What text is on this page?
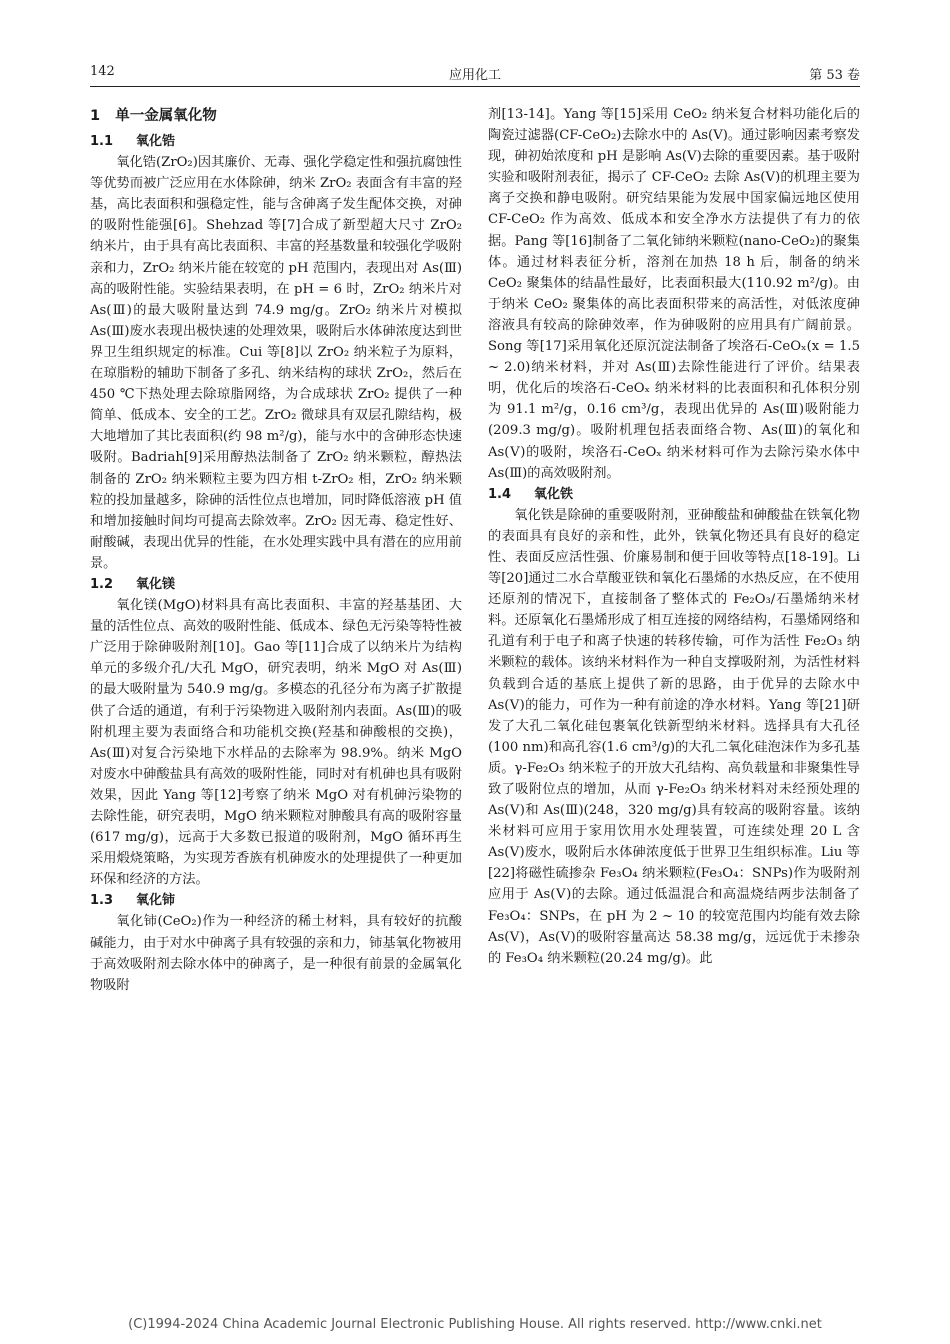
142	应用化工	第 53 卷
1 单一金属氧化物
1.1 氧化锆

氧化锆(ZrO₂)因其廉价、无毒、强化学稳定性和强抗腐蚀性等优势而被广泛应用在水体除砷，纳米 ZrO₂ 表面含有丰富的羟基，高比表面积和强稳定性，能与含砷离子发生配体交换，对砷的吸附性能强[6]。Shehzad 等[7]合成了新型超大尺寸 ZrO₂ 纳米片，由于具有高比表面积、丰富的羟基数量和较强化学吸附亲和力，ZrO₂ 纳米片能在较宽的 pH 范围内，表现出对 As(Ⅲ)高的吸附性能。实验结果表明，在 pH = 6 时，ZrO₂ 纳米片对 As(Ⅲ)的最大吸附量达到 74.9 mg/g。ZrO₂ 纳米片对模拟 As(Ⅲ)废水表现出极快速的处理效果，吸附后水体砷浓度达到世界卫生组织规定的标准。Cui 等[8]以 ZrO₂ 纳米粒子为原料，在琼脂粉的辅助下制备了多孔、纳米结构的球状 ZrO₂，然后在 450 ℃下热处理去除琼脂网络，为合成球状 ZrO₂ 提供了一种简单、低成本、安全的工艺。ZrO₂ 微球具有双层孔隙结构，极大地增加了其比表面积(约 98 m²/g)，能与水中的含砷形态快速吸附。Badriah[9]采用醇热法制备了 ZrO₂ 纳米颗粒，醇热法制备的 ZrO₂ 纳米颗粒主要为四方相 t-ZrO₂ 相，ZrO₂ 纳米颗粒的投加量越多，除砷的活性位点也增加，同时降低溶液 pH 值和增加接触时间均可提高去除效率。ZrO₂ 因无毒、稳定性好、耐酸碱，表现出优异的性能，在水处理实践中具有潜在的应用前景。

1.2 氧化镁

氧化镁(MgO)材料具有高比表面积、丰富的羟基基团、大量的活性位点、高效的吸附性能、低成本、绿色无污染等特性被广泛用于除砷吸附剂[10]。Gao 等[11]合成了以纳米片为结构单元的多级介孔/大孔 MgO，研究表明，纳米 MgO 对 As(Ⅲ)的最大吸附量为 540.9 mg/g。多模态的孔径分布为离子扩散提供了合适的通道，有利于污染物进入吸附剂内表面。As(Ⅲ)的吸附机理主要为表面络合和功能机交换(羟基和砷酸根的交换)，As(Ⅲ)对复合污染地下水样品的去除率为 98.9%。纳米 MgO 对废水中砷酸盐具有高效的吸附性能，同时对有机砷也具有吸附效果，因此 Yang 等[12]考察了纳米 MgO 对有机砷污染物的去除性能，研究表明，MgO 纳米颗粒对胂酸具有高的吸附容量(617 mg/g)，远高于大多数已报道的吸附剂，MgO 循环再生采用煅烧策略，为实现芳香族有机砷废水的处理提供了一种更加环保和经济的方法。

1.3 氧化铈

氧化铈(CeO₂)作为一种经济的稀土材料，具有较好的抗酸碱能力，由于对水中砷离子具有较强的亲和力，铈基氧化物被用于高效吸附剂去除水体中的砷离子，是一种很有前景的金属氧化物吸附

剂[13-14]。Yang 等[15]采用 CeO₂ 纳米复合材料功能化后的陶瓷过滤器(CF-CeO₂)去除水中的 As(Ⅴ)。通过影响因素考察发现，砷初始浓度和 pH 是影响 As(Ⅴ)去除的重要因素。基于吸附实验和吸附剂表征，揭示了 CF-CeO₂ 去除 As(Ⅴ)的机理主要为离子交换和静电吸附。研究结果能为发展中国家偏远地区使用 CF-CeO₂ 作为高效、低成本和安全净水方法提供了有力的依据。Pang 等[16]制备了二氧化铈纳米颗粒(nano-CeO₂)的聚集体。通过材料表征分析，溶剂在加热 18 h 后，制备的纳米 CeO₂ 聚集体的结晶性最好，比表面积最大(110.92 m²/g)。由于纳米 CeO₂ 聚集体的高比表面积带来的高活性，对低浓度砷溶液具有较高的除砷效率，作为砷吸附的应用具有广阔前景。Song 等[17]采用氧化还原沉淀法制备了埃洛石-CeOₓ(x = 1.5 ~ 2.0)纳米材料，并对 As(Ⅲ)去除性能进行了评价。结果表明，优化后的埃洛石-CeOₓ 纳米材料的比表面积和孔体积分别为 91.1 m²/g，0.16 cm³/g，表现出优异的 As(Ⅲ)吸附能力(209.3 mg/g)。吸附机理包括表面络合物、As(Ⅲ)的氧化和 As(Ⅴ)的吸附，埃洛石-CeOₓ 纳米材料可作为去除污染水体中 As(Ⅲ)的高效吸附剂。

1.4 氧化铁

氧化铁是除砷的重要吸附剂，亚砷酸盐和砷酸盐在铁氧化物的表面具有良好的亲和性，此外，铁氧化物还具有良好的稳定性、表面反应活性强、价廉易制和便于回收等特点[18-19]。Li 等[20]通过二水合草酸亚铁和氧化石墨烯的水热反应，在不使用还原剂的情况下，直接制备了整体式的 Fe₂O₃/石墨烯纳米材料。还原氧化石墨烯形成了相互连接的网络结构，石墨烯网络和孔道有利于电子和离子快速的转移传输，可作为活性 Fe₂O₃ 纳米颗粒的载体。该纳米材料作为一种自支撑吸附剂，为活性材料负载到合适的基底上提供了新的思路，由于优异的去除水中 As(Ⅴ)的能力，可作为一种有前途的净水材料。Yang 等[21]研发了大孔二氧化硅包裹氧化铁新型纳米材料。选择具有大孔径(100 nm)和高孔容(1.6 cm³/g)的大孔二氧化硅泡沫作为多孔基质。γ-Fe₂O₃ 纳米粒子的开放大孔结构、高负载量和非聚集性导致了吸附位点的增加，从而 γ-Fe₂O₃ 纳米材料对未经预处理的 As(Ⅴ)和 As(Ⅲ)(248，320 mg/g)具有较高的吸附容量。该纳米材料可应用于家用饮用水处理装置，可连续处理 20 L 含 As(Ⅴ)废水，吸附后水体砷浓度低于世界卫生组织标准。Liu 等[22]将磁性硫掺杂 Fe₃O₄ 纳米颗粒(Fe₃O₄：SNPs)作为吸附剂应用于 As(Ⅴ)的去除。通过低温混合和高温烧结两步法制备了 Fe₃O₄：SNPs，在 pH 为 2 ~ 10 的较宽范围内均能有效去除 As(Ⅴ)，As(Ⅴ)的吸附容量高达 58.38 mg/g，远远优于未掺杂的 Fe₃O₄ 纳米颗粒(20.24 mg/g)。此

(C)1994-2024 China Academic Journal Electronic Publishing House. All rights reserved. http://www.cnki.net
